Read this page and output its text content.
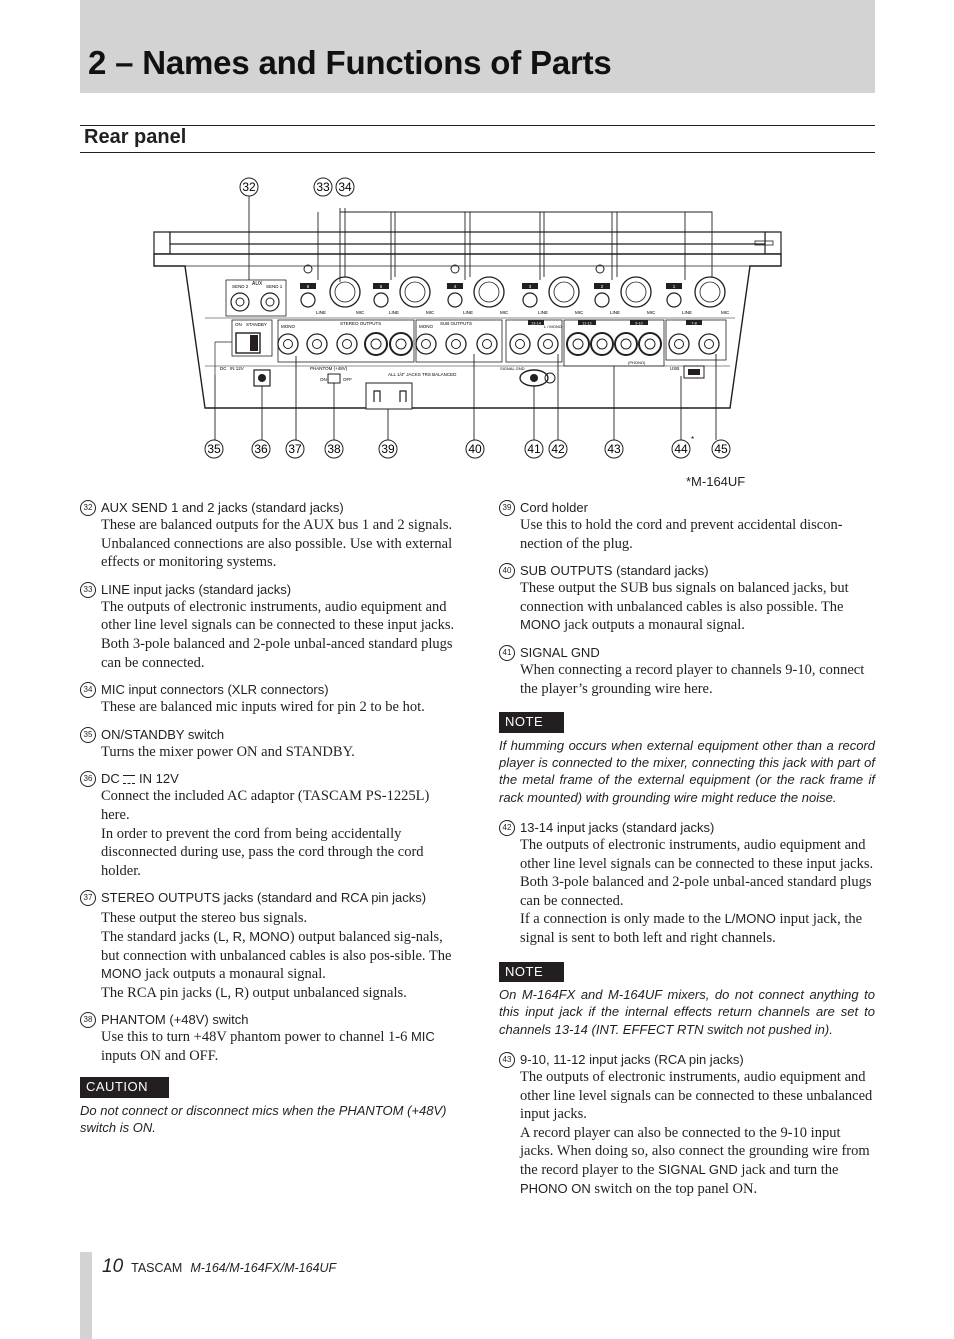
2 – Names and Functions of Parts
Rear panel
SEND 2 AUX SEND 1	6
LINE	MIC
5
LINE	MIC
4
LINE	MIC
3
LINE	MIC
2
LINE	MIC
1
LINE	MIC
ON STANDBY	MONO
STEREO OUTPUTS
MONO
SUB OUTPUTS	13-14
L / MONO
11-12	9-10
(PHONO)
7-8
DC IN 12V	PHANTOM (+48V)
ON	OFF
ALL 1/4" JACKS TRS BALANCED
SIGNAL GND	USB
32	33 34
35	36 37 38	39	40	41 42	43	44
*
45
*M-164UF
32 AUX SEND 1 and 2 jacks (standard jacks)
These are balanced outputs for the AUX bus 1 and 2 signals. Unbalanced connections are also possible. Use with external effects or monitoring systems.
33 LINE input jacks (standard jacks)
The outputs of electronic instruments, audio equipment and other line level signals can be connected to these input jacks. Both 3-pole balanced and 2-pole unbal-anced standard plugs can be connected.
34 MIC input connectors (XLR connectors)
These are balanced mic inputs wired for pin 2 to be hot.
35 ON/STANDBY switch
Turns the mixer power ON and STANDBY.
36 DC IN 12V
Connect the included AC adaptor (TASCAM PS-1225L) here.
In order to prevent the cord from being accidentally disconnected during use, pass the cord through the cord holder.
37 STEREO OUTPUTS jacks (standard and RCA pin jacks)
These output the stereo bus signals.
The standard jacks (L, R, MONO) output balanced sig-nals, but connection with unbalanced cables is also pos-sible. The MONO jack outputs a monaural signal.
The RCA pin jacks (L, R) output unbalanced signals.
38 PHANTOM (+48V) switch
Use this to turn +48V phantom power to channel 1-6 MIC inputs ON and OFF.
CAUTION
Do not connect or disconnect mics when the PHANTOM (+48V) switch is ON.
39 Cord holder
Use this to hold the cord and prevent accidental discon-nection of the plug.
40 SUB OUTPUTS (standard jacks)
These output the SUB bus signals on balanced jacks, but connection with unbalanced cables is also possible. The MONO jack outputs a monaural signal.
41 SIGNAL GND
When connecting a record player to channels 9-10, connect the player’s grounding wire here.
NOTE
If humming occurs when external equipment other than a record player is connected to the mixer, connecting this jack with part of the metal frame of the external equipment (or the rack frame if rack mounted) with grounding wire might reduce the noise.
42 13-14 input jacks (standard jacks)
The outputs of electronic instruments, audio equipment and other line level signals can be connected to these input jacks. Both 3-pole balanced and 2-pole unbal-anced standard plugs can be connected.
If a connection is only made to the L/MONO input jack, the signal is sent to both left and right channels.
NOTE
On M-164FX and M-164UF mixers, do not connect anything to this input jack if the internal effects return channels are set to channels 13-14 (INT. EFFECT RTN switch not pushed in).
43 9-10, 11-12 input jacks (RCA pin jacks)
The outputs of electronic instruments, audio equipment and other line level signals can be connected to these unbalanced input jacks.
A record player can also be connected to the 9-10 input jacks. When doing so, also connect the grounding wire from the record player to the SIGNAL GND jack and turn the PHONO ON switch on the top panel ON.
10 TASCAM M-164/M-164FX/M-164UF
